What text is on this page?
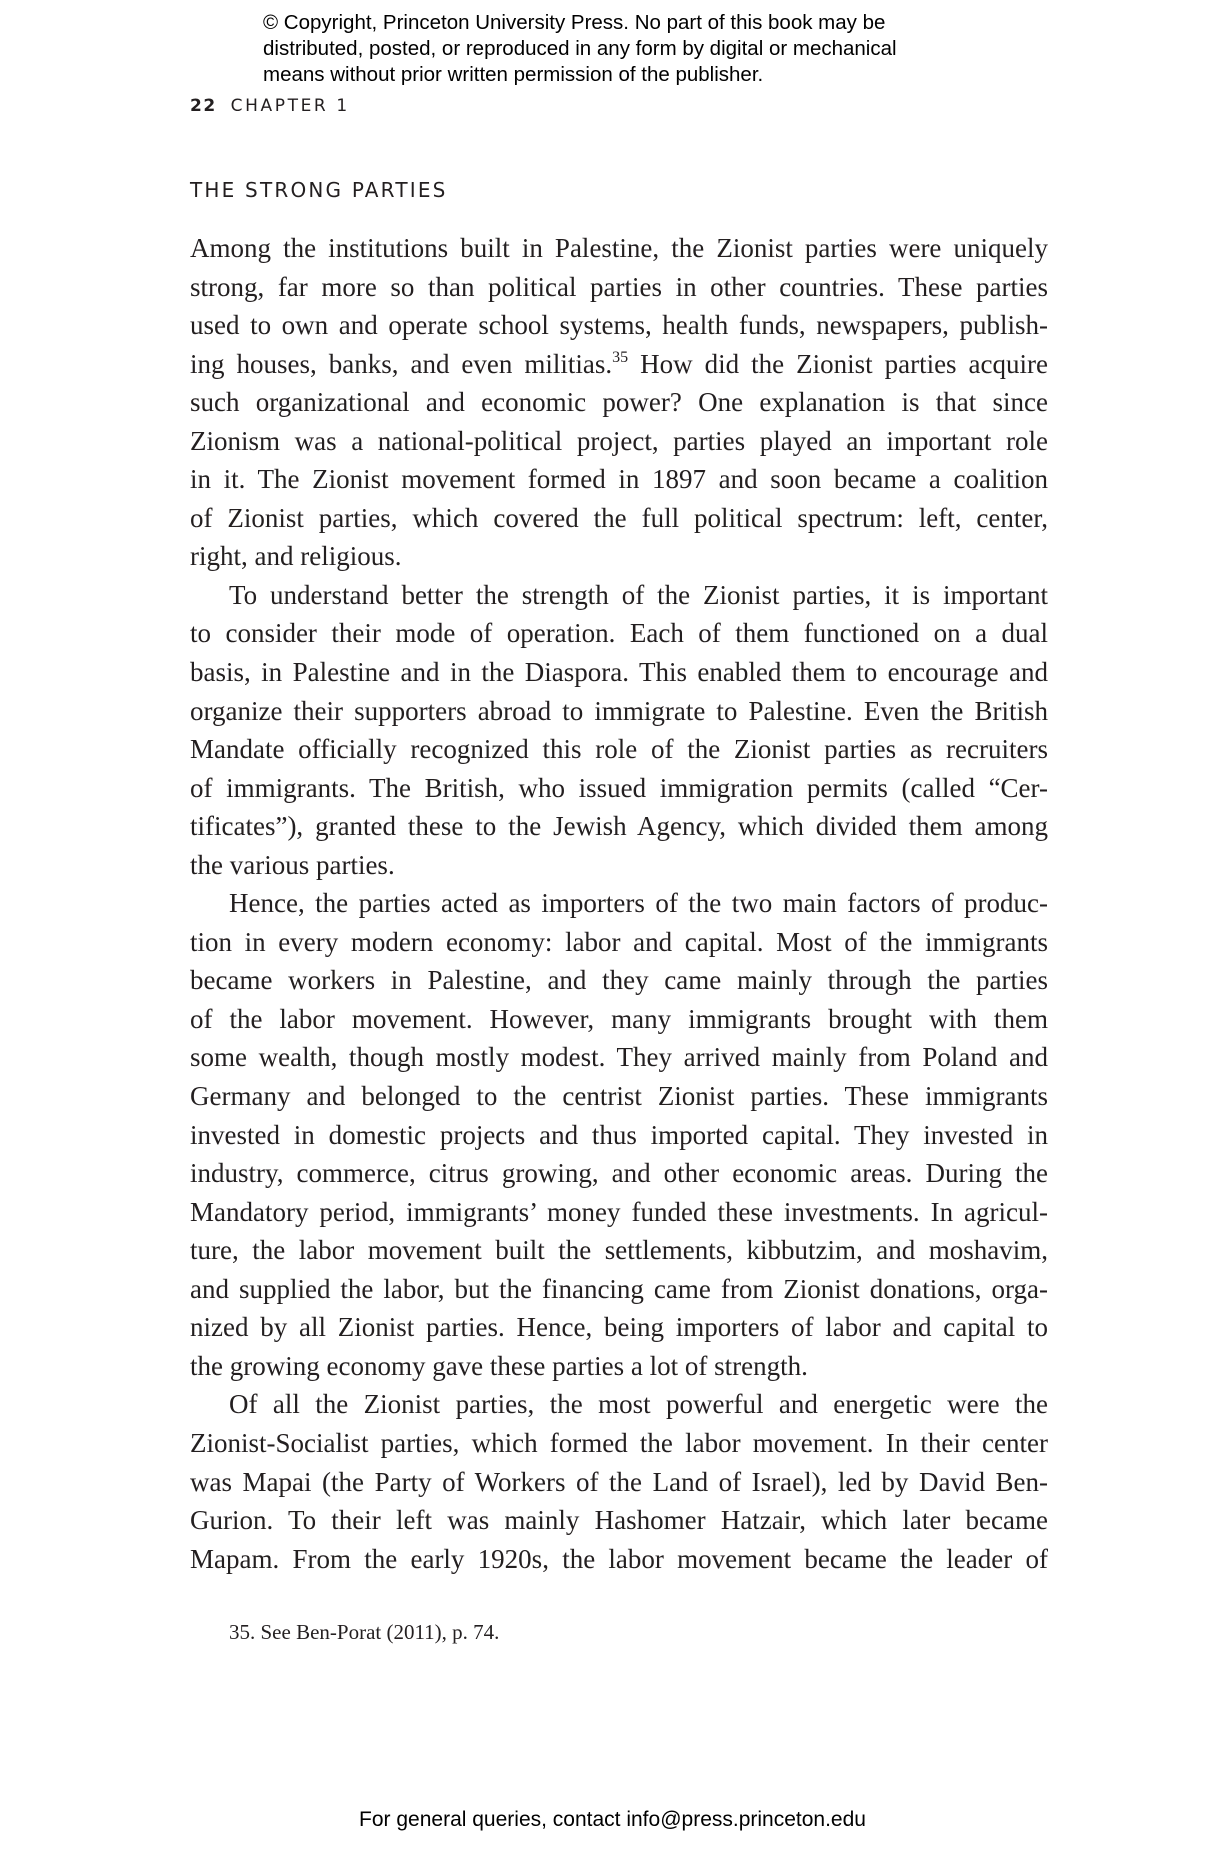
© Copyright, Princeton University Press. No part of this book may be
distributed, posted, or reproduced in any form by digital or mechanical
means without prior written permission of the publisher.
22 CHAPTER 1
THE STRONG PARTIES
Among the institutions built in Palestine, the Zionist parties were uniquely
strong, far more so than political parties in other countries. These parties
used to own and operate school systems, health funds, newspapers, publish-
ing houses, banks, and even militias.$^{35}$ How did the Zionist parties acquire
such organizational and economic power? One explanation is that since
Zionism was a national-political project, parties played an important role
in it. The Zionist movement formed in 1897 and soon became a coalition
of Zionist parties, which covered the full political spectrum: left, center,
right, and religious.
To understand better the strength of the Zionist parties, it is important
to consider their mode of operation. Each of them functioned on a dual
basis, in Palestine and in the Diaspora. This enabled them to encourage and
organize their supporters abroad to immigrate to Palestine. Even the British
Mandate officially recognized this role of the Zionist parties as recruiters
of immigrants. The British, who issued immigration permits (called “Cer-
tificates”), granted these to the Jewish Agency, which divided them among
the various parties.
Hence, the parties acted as importers of the two main factors of produc-
tion in every modern economy: labor and capital. Most of the immigrants
became workers in Palestine, and they came mainly through the parties
of the labor movement. However, many immigrants brought with them
some wealth, though mostly modest. They arrived mainly from Poland and
Germany and belonged to the centrist Zionist parties. These immigrants
invested in domestic projects and thus imported capital. They invested in
industry, commerce, citrus growing, and other economic areas. During the
Mandatory period, immigrants’ money funded these investments. In agricul-
ture, the labor movement built the settlements, kibbutzim, and moshavim,
and supplied the labor, but the financing came from Zionist donations, orga-
nized by all Zionist parties. Hence, being importers of labor and capital to
the growing economy gave these parties a lot of strength.
Of all the Zionist parties, the most powerful and energetic were the
Zionist-Socialist parties, which formed the labor movement. In their center
was Mapai (the Party of Workers of the Land of Israel), led by David Ben-
Gurion. To their left was mainly Hashomer Hatzair, which later became
Mapam. From the early 1920s, the labor movement became the leader of
35. See Ben-Porat (2011), p. 74.
For general queries, contact info@press.princeton.edu
